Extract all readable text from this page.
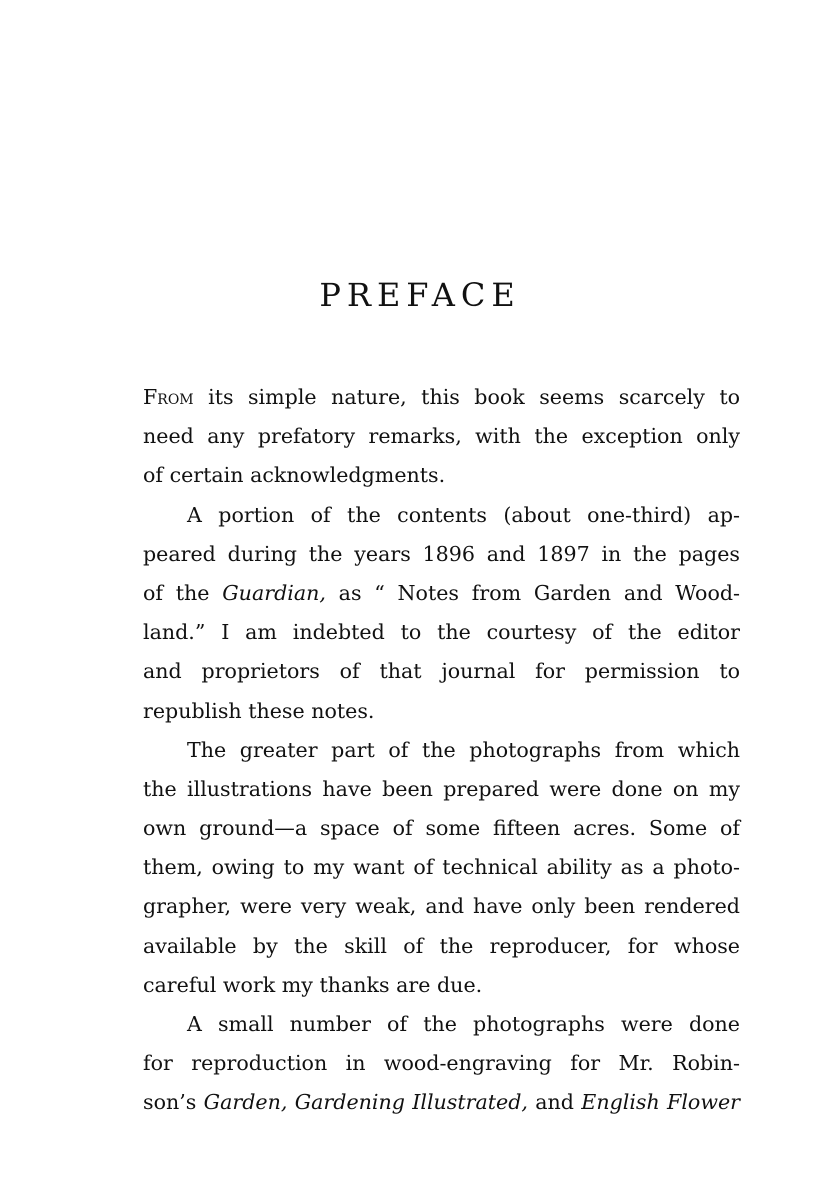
PREFACE
From its simple nature, this book seems scarcely to
need any prefatory remarks, with the exception only
of certain acknowledgments.
A portion of the contents (about one-third) ap-
peared during the years 1896 and 1897 in the pages
of the Guardian, as “ Notes from Garden and Wood-
land.” I am indebted to the courtesy of the editor
and proprietors of that journal for permission to
republish these notes.
The greater part of the photographs from which
the illustrations have been prepared were done on my
own ground—a space of some fifteen acres. Some of
them, owing to my want of technical ability as a photo-
grapher, were very weak, and have only been rendered
available by the skill of the reproducer, for whose
careful work my thanks are due.
A small number of the photographs were done
for reproduction in wood-engraving for Mr. Robin-
son’s Garden, Gardening Illustrated, and English Flower
